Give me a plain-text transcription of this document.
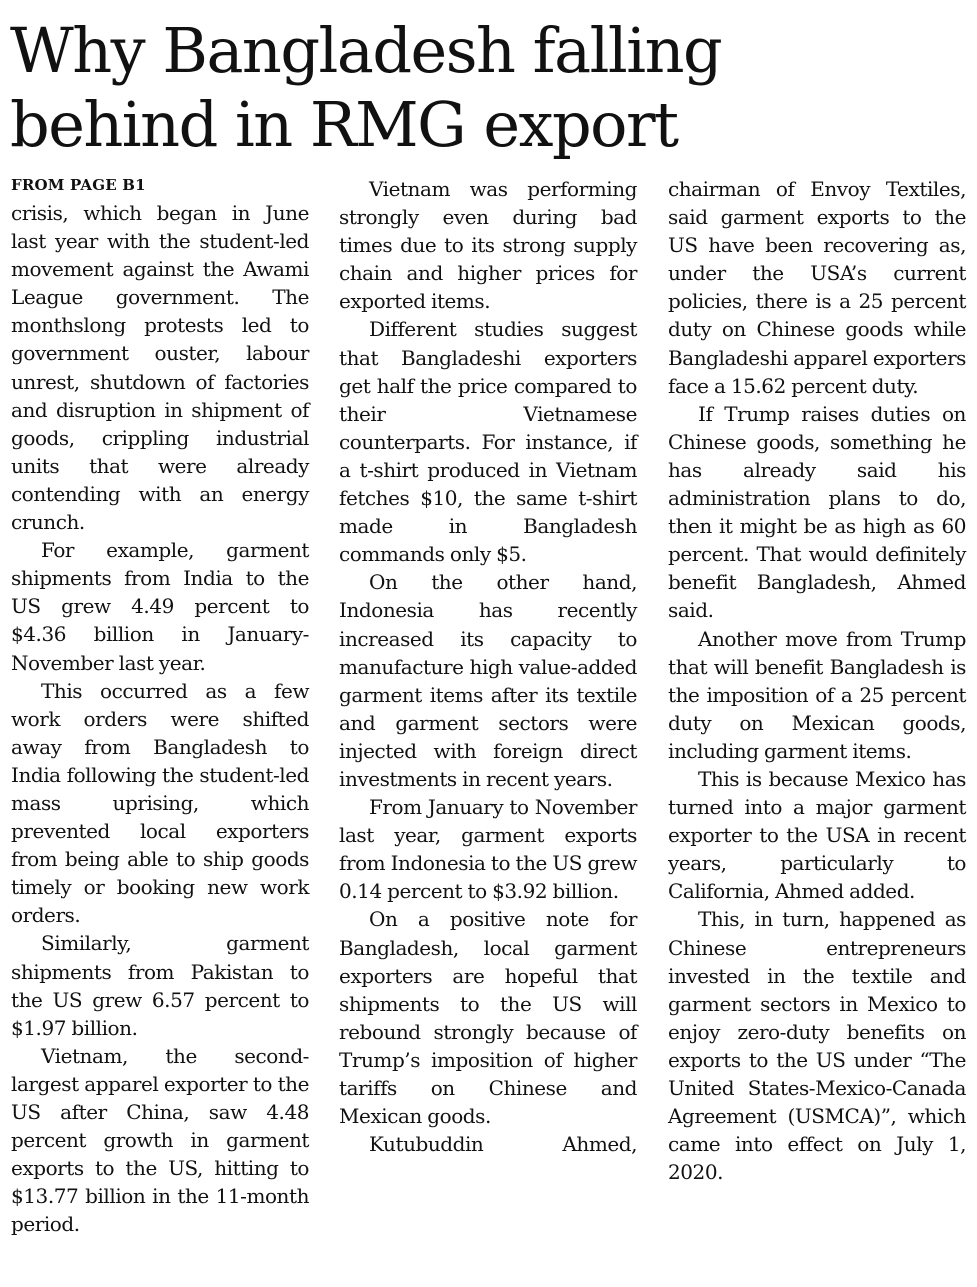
Why Bangladesh falling
behind in RMG export
FROM PAGE B1

crisis, which began in June last year with the student-led movement against the Awami League government. The monthslong protests led to government ouster, labour unrest, shutdown of factories and disruption in shipment of goods, crippling industrial units that were already contending with an energy crunch.

For example, garment shipments from India to the US grew 4.49 percent to $4.36 billion in January-November last year.

This occurred as a few work orders were shifted away from Bangladesh to India following the student-led mass uprising, which prevented local exporters from being able to ship goods timely or booking new work orders.

Similarly, garment shipments from Pakistan to the US grew 6.57 percent to $1.97 billion.

Vietnam, the second-largest apparel exporter to the US after China, saw 4.48 percent growth in garment exports to the US, hitting to $13.77 billion in the 11-month period.

Vietnam was performing strongly even during bad times due to its strong supply chain and higher prices for exported items.

Different studies suggest that Bangladeshi exporters get half the price compared to their Vietnamese counterparts. For instance, if a t-shirt produced in Vietnam fetches $10, the same t-shirt made in Bangladesh commands only $5.

On the other hand, Indonesia has recently increased its capacity to manufacture high value-added garment items after its textile and garment sectors were injected with foreign direct investments in recent years.

From January to November last year, garment exports from Indonesia to the US grew 0.14 percent to $3.92 billion.

On a positive note for Bangladesh, local garment exporters are hopeful that shipments to the US will rebound strongly because of Trump’s imposition of higher tariffs on Chinese and Mexican goods.

Kutubuddin Ahmed,

chairman of Envoy Textiles, said garment exports to the US have been recovering as, under the USA’s current policies, there is a 25 percent duty on Chinese goods while Bangladeshi apparel exporters face a 15.62 percent duty.

If Trump raises duties on Chinese goods, something he has already said his administration plans to do, then it might be as high as 60 percent. That would definitely benefit Bangladesh, Ahmed said.

Another move from Trump that will benefit Bangladesh is the imposition of a 25 percent duty on Mexican goods, including garment items.

This is because Mexico has turned into a major garment exporter to the USA in recent years, particularly to California, Ahmed added.

This, in turn, happened as Chinese entrepreneurs invested in the textile and garment sectors in Mexico to enjoy zero-duty benefits on exports to the US under “The United States-Mexico-Canada Agreement (USMCA)”, which came into effect on July 1, 2020.
